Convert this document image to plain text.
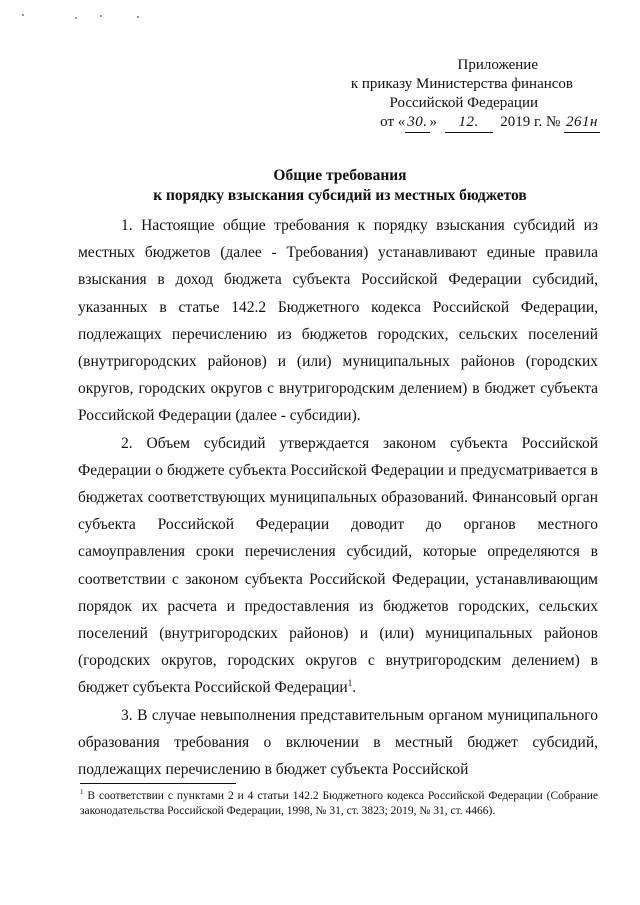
Приложение
к приказу Министерства финансов
Российской Федерации
от « 30. » 12. 2019 г. № 261н
Общие требования
к порядку взыскания субсидий из местных бюджетов

1. Настоящие общие требования к порядку взыскания субсидий из местных бюджетов (далее - Требования) устанавливают единые правила взыскания в доход бюджета субъекта Российской Федерации субсидий, указанных в статье 142.2 Бюджетного кодекса Российской Федерации, подлежащих перечислению из бюджетов городских, сельских поселений (внутригородских районов) и (или) муниципальных районов (городских округов, городских округов с внутригородским делением) в бюджет субъекта Российской Федерации (далее - субсидии).

2. Объем субсидий утверждается законом субъекта Российской Федерации о бюджете субъекта Российской Федерации и предусматривается в бюджетах соответствующих муниципальных образований. Финансовый орган субъекта Российской Федерации доводит до органов местного самоуправления сроки перечисления субсидий, которые определяются в соответствии с законом субъекта Российской Федерации, устанавливающим порядок их расчета и предоставления из бюджетов городских, сельских поселений (внутригородских районов) и (или) муниципальных районов (городских округов, городских округов с внутригородским делением) в бюджет субъекта Российской Федерации$^1$.

3. В случае невыполнения представительным органом муниципального образования требования о включении в местный бюджет субсидий, подлежащих перечислению в бюджет субъекта Российской

$^1$ В соответствии с пунктами 2 и 4 статьи 142.2 Бюджетного кодекса Российской Федерации (Собрание законодательства Российской Федерации, 1998, № 31, ст. 3823; 2019, № 31, ст. 4466).
